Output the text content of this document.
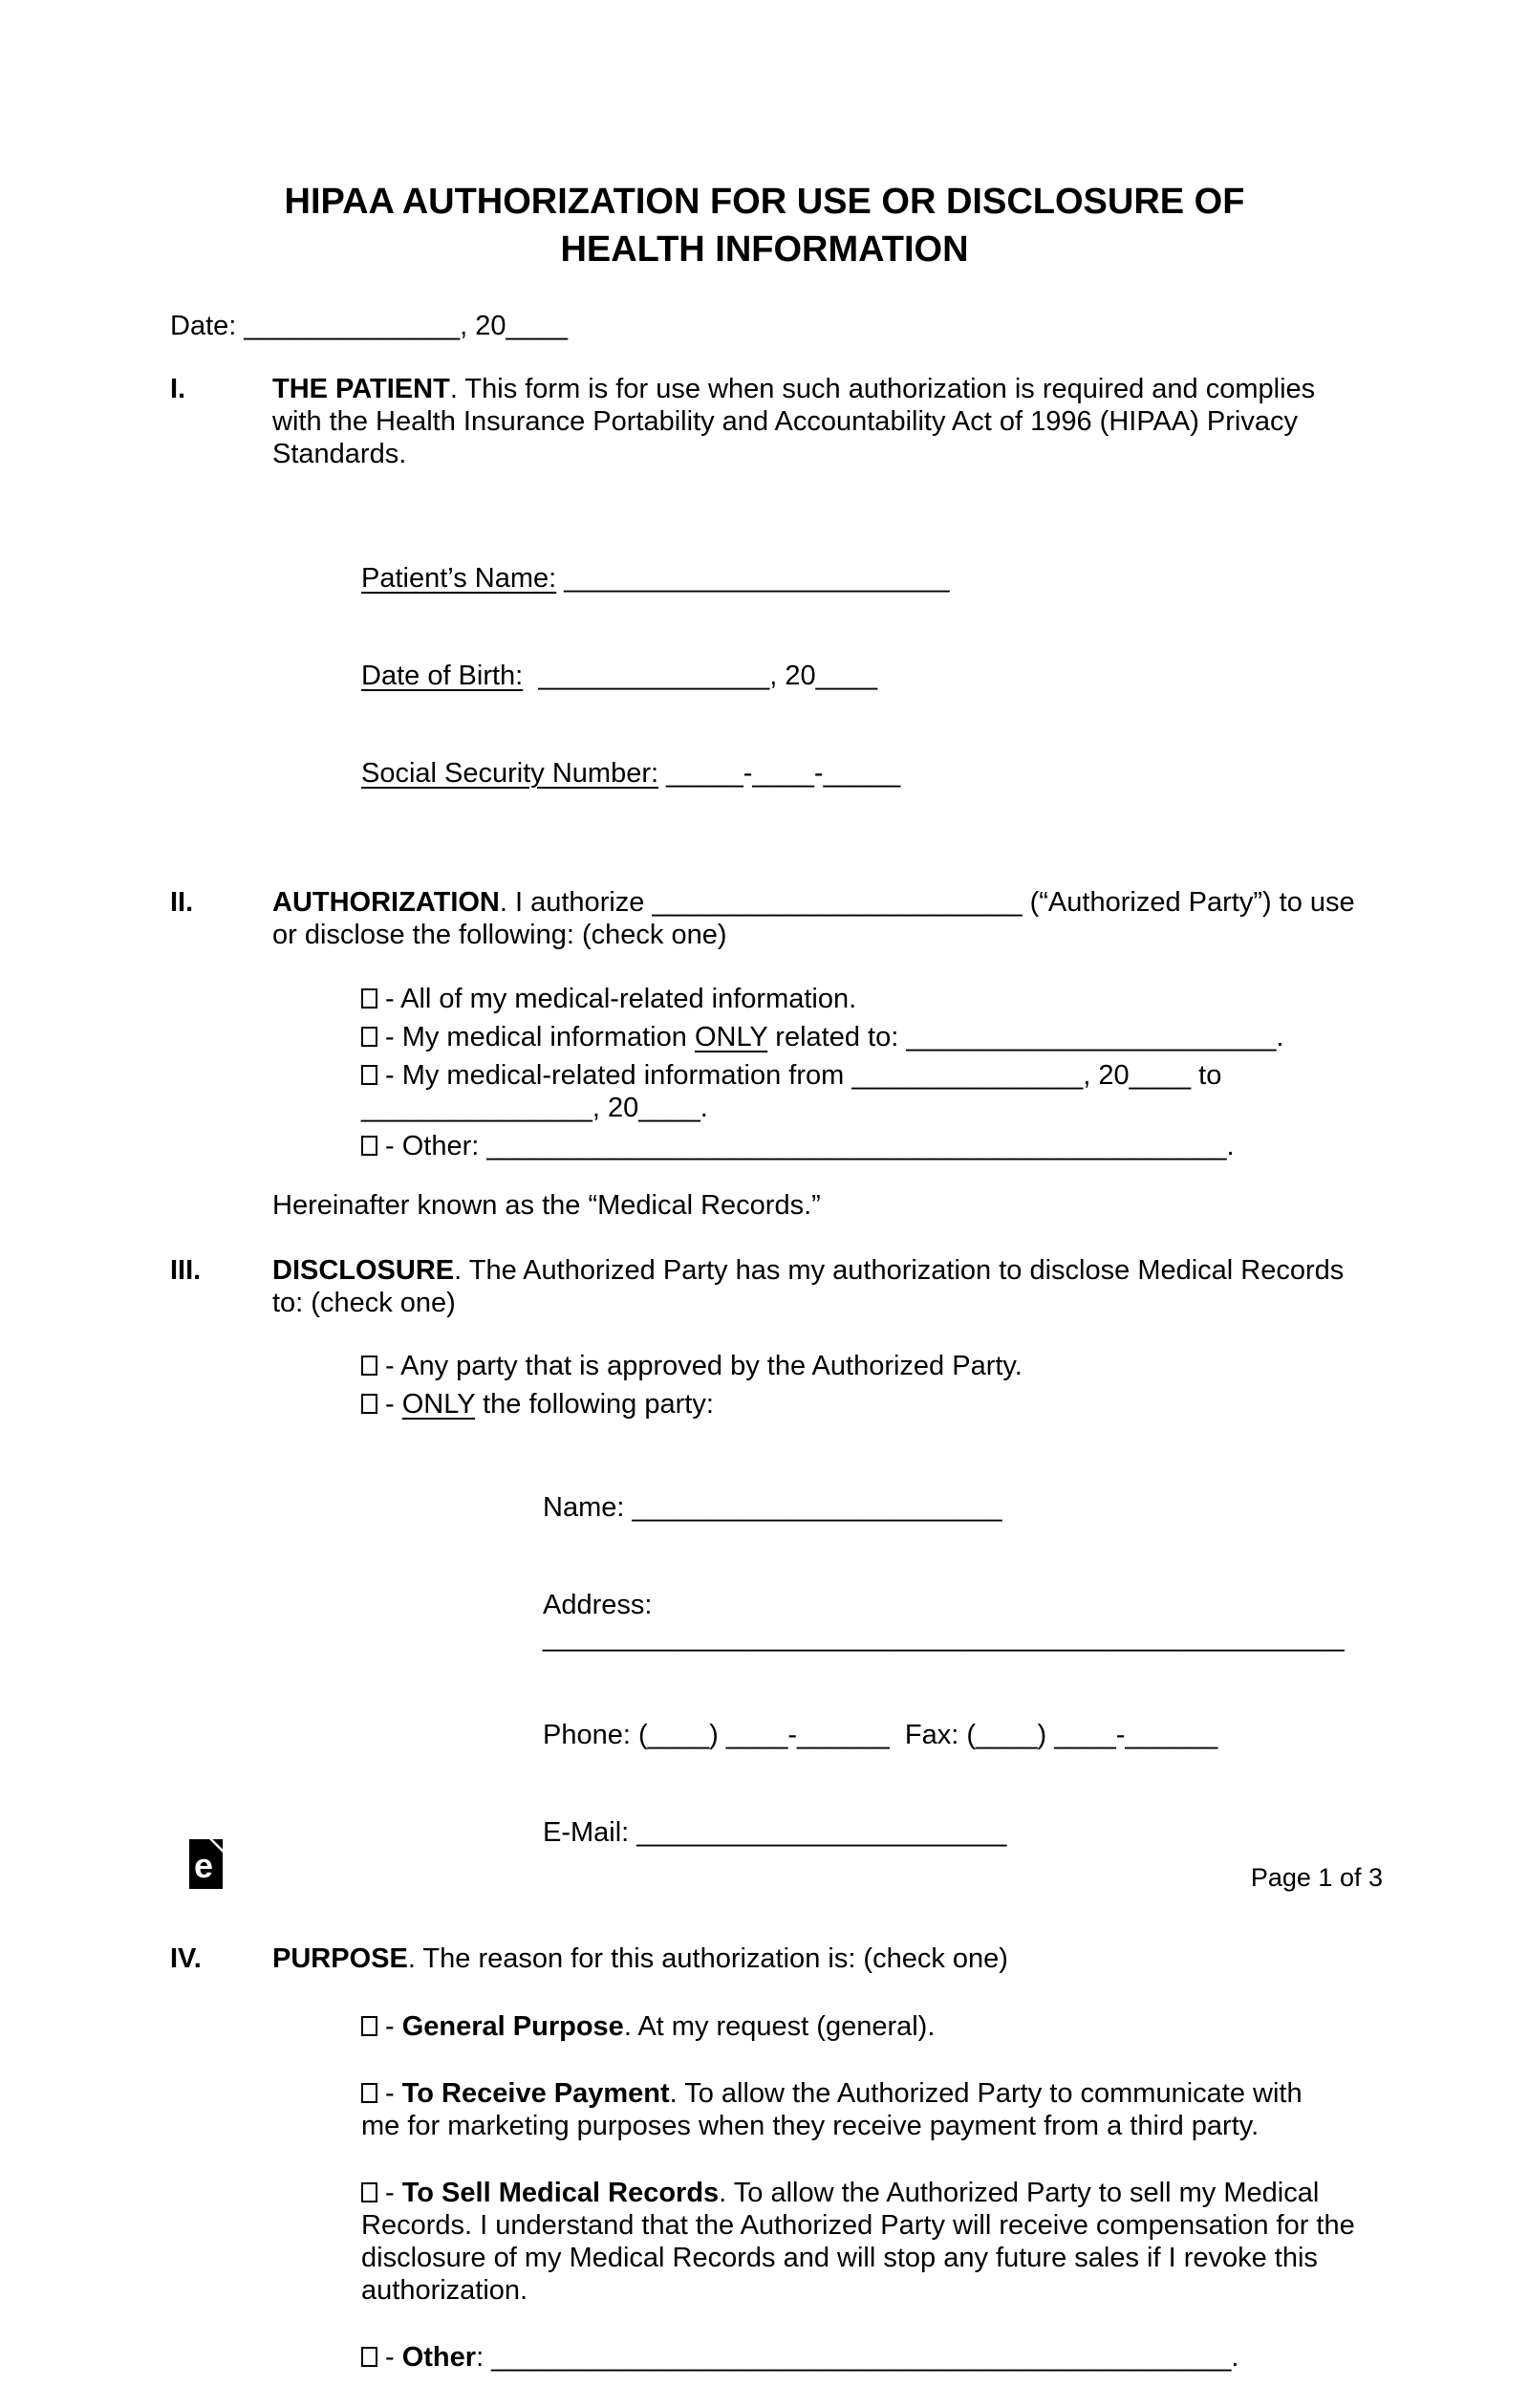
HIPAA AUTHORIZATION FOR USE OR DISCLOSURE OF
HEALTH INFORMATION
Date: ______________, 20____
I.	THE PATIENT. This form is for use when such authorization is required and complies
with the Health Insurance Portability and Accountability Act of 1996 (HIPAA) Privacy
Standards.

Patient’s Name: _________________________

Date of Birth:  _______________, 20____

Social Security Number: _____-____-_____

II.	AUTHORIZATION. I authorize ________________________ (“Authorized Party”) to use
or disclose the following: (check one)
- All of my medical-related information.
- My medical information ONLY related to: ________________________.
- My medical-related information from _______________, 20____ to
_______________, 20____.
- Other: ________________________________________________.
Hereinafter known as the “Medical Records.”
III.	DISCLOSURE. The Authorized Party has my authorization to disclose Medical Records
to: (check one)
- Any party that is approved by the Authorized Party.
- ONLY the following party:

Name: ________________________

Address: ____________________________________________________

Phone: (____) ____-______  Fax: (____) ____-______

E-Mail: ________________________

IV.	PURPOSE. The reason for this authorization is: (check one)
- General Purpose. At my request (general).
- To Receive Payment. To allow the Authorized Party to communicate with
me for marketing purposes when they receive payment from a third party.
- To Sell Medical Records. To allow the Authorized Party to sell my Medical
Records. I understand that the Authorized Party will receive compensation for the
disclosure of my Medical Records and will stop any future sales if I revoke this
authorization.
- Other: ________________________________________________.
e	Page 1 of 3
